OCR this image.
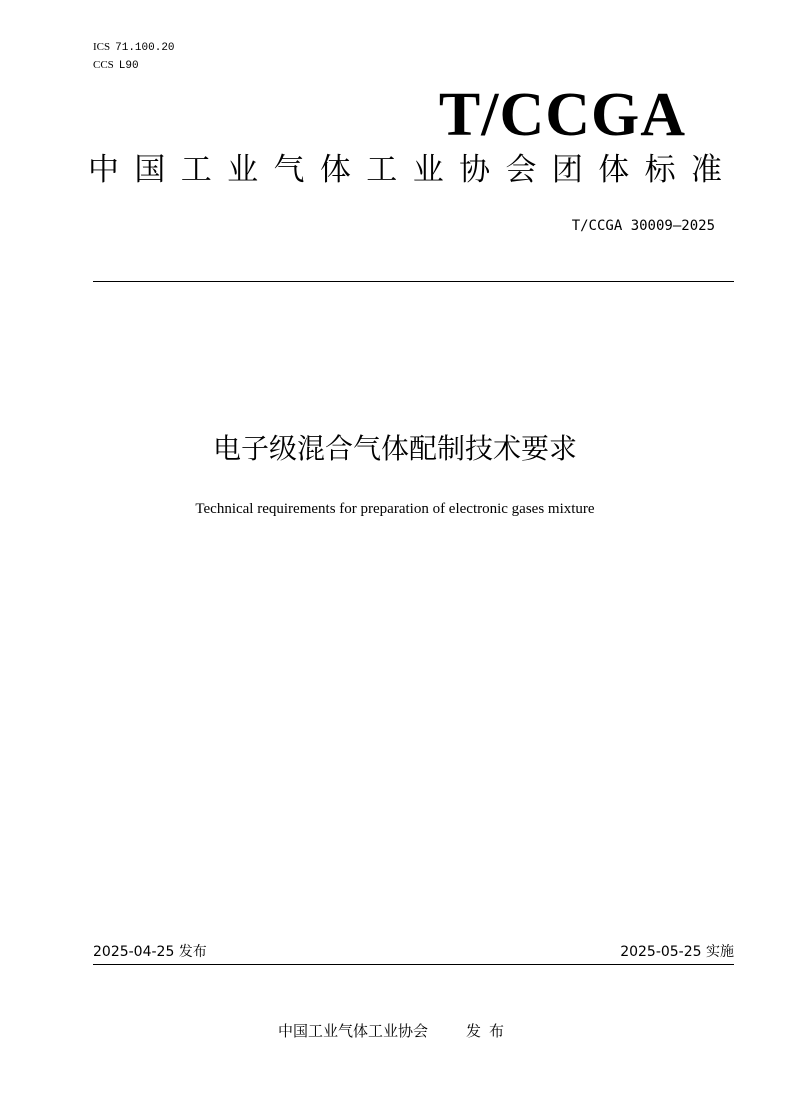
ICS 71.100.20
CCS L90
T/CCGA
中国工业气体工业协会团体标准
T/CCGA 30009—2025
电子级混合气体配制技术要求
Technical requirements for preparation of electronic gases mixture
2025-04-25 发布	2025-05-25 实施
中国工业气体工业协会	发布
